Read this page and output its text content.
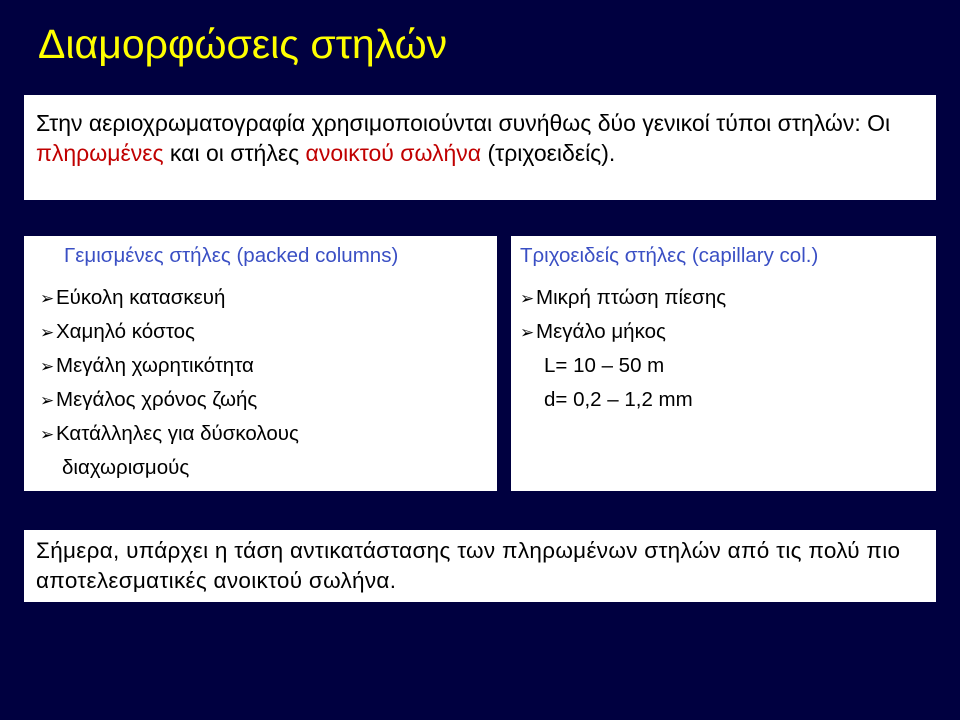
Διαμορφώσεις στηλών
Στην αεριοχρωματογραφία χρησιμοποιούνται συνήθως δύο γενικοί τύποι στηλών: Οι πληρωμένες και οι στήλες ανοικτού σωλήνα (τριχοειδείς).
Γεμισμένες στήλες (packed columns)
➢Εύκολη κατασκευή
➢Χαμηλό κόστος
➢Μεγάλη χωρητικότητα
➢Μεγάλος χρόνος ζωής
➢Κατάλληλες για δύσκολους
διαχωρισμούς
Τριχοειδείς στήλες (capillary col.)
➢Μικρή πτώση πίεσης
➢Μεγάλο μήκος
L= 10 – 50 m
d= 0,2 – 1,2 mm
Σήμερα, υπάρχει η τάση αντικατάστασης των πληρωμένων στηλών από τις πολύ πιο αποτελεσματικές ανοικτού σωλήνα.
